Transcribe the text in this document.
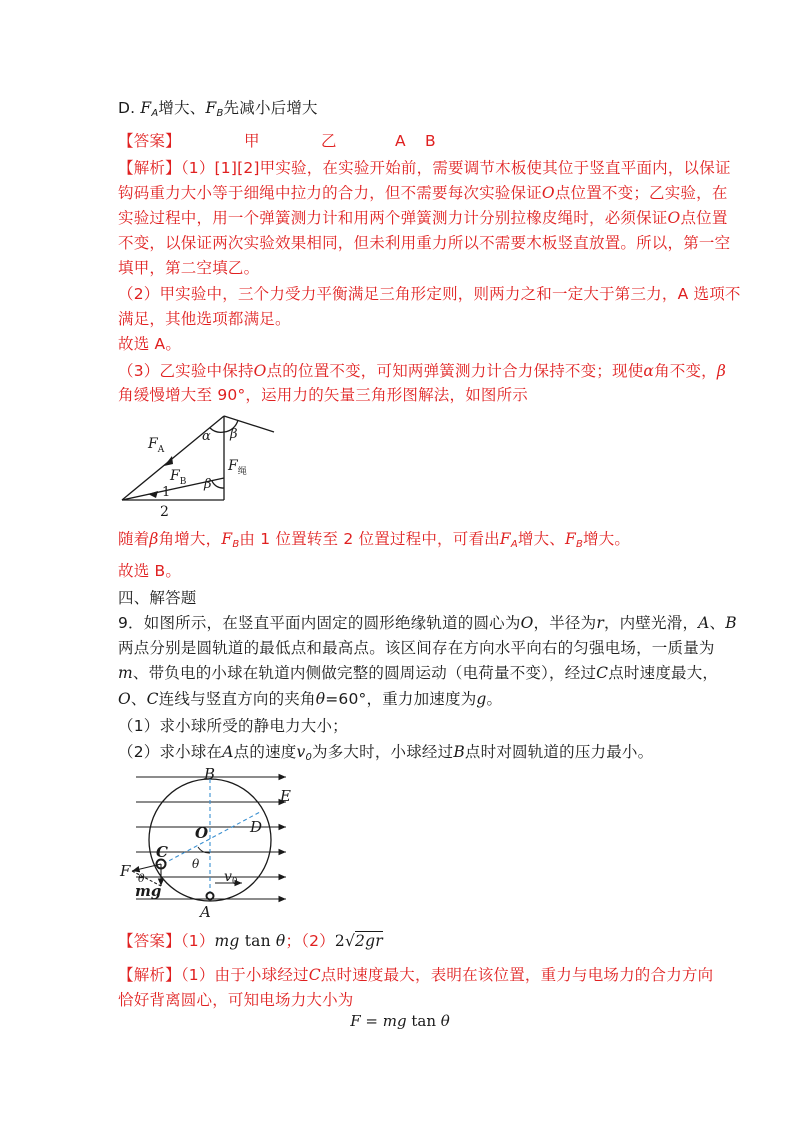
D. $F_A$增大、$F_B$先减小后增大
【答案】	甲	乙	A B
【解析】（1）[1][2]甲实验，在实验开始前，需要调节木板使其位于竖直平面内，以保证
钩码重力大小等于细绳中拉力的合力，但不需要每次实验保证O点位置不变；乙实验，在
实验过程中，用一个弹簧测力计和用两个弹簧测力计分别拉橡皮绳时，必须保证O点位置
不变，以保证两次实验效果相同，但未利用重力所以不需要木板竖直放置。所以，第一空
填甲，第二空填乙。
（2）甲实验中，三个力受力平衡满足三角形定则，则两力之和一定大于第三力，A 选项不
满足，其他选项都满足。
故选 A。
（3）乙实验中保持O点的位置不变，可知两弹簧测力计合力保持不变；现使α角不变，β
角缓慢增大至 90°，运用力的矢量三角形图解法，如图所示
$F_A$
$F_B$
$F_绳$
α β
β
1
2
随着β角增大，$F_B$由 1 位置转至 2 位置过程中，可看出$F_A$增大、$F_B$增大。
故选 B。
四、解答题
9．如图所示，在竖直平面内固定的圆形绝缘轨道的圆心为O，半径为r，内壁光滑，A、B
两点分别是圆轨道的最低点和最高点。该区间存在方向水平向右的匀强电场，一质量为
m、带负电的小球在轨道内侧做完整的圆周运动（电荷量不变），经过C点时速度最大，
O、C连线与竖直方向的夹角θ=60°，重力加速度为g。
（1）求小球所受的静电力大小；
（2）求小球在A点的速度$v_0$为多大时，小球经过B点时对圆轨道的压力最小。
B
E
O	D
C
θ
θ
F
mg
$v_0$
A
【答案】（1）mg tan θ；（2）2√2gr
【解析】（1）由于小球经过C点时速度最大，表明在该位置，重力与电场力的合力方向
恰好背离圆心，可知电场力大小为
F = mg tan θ
